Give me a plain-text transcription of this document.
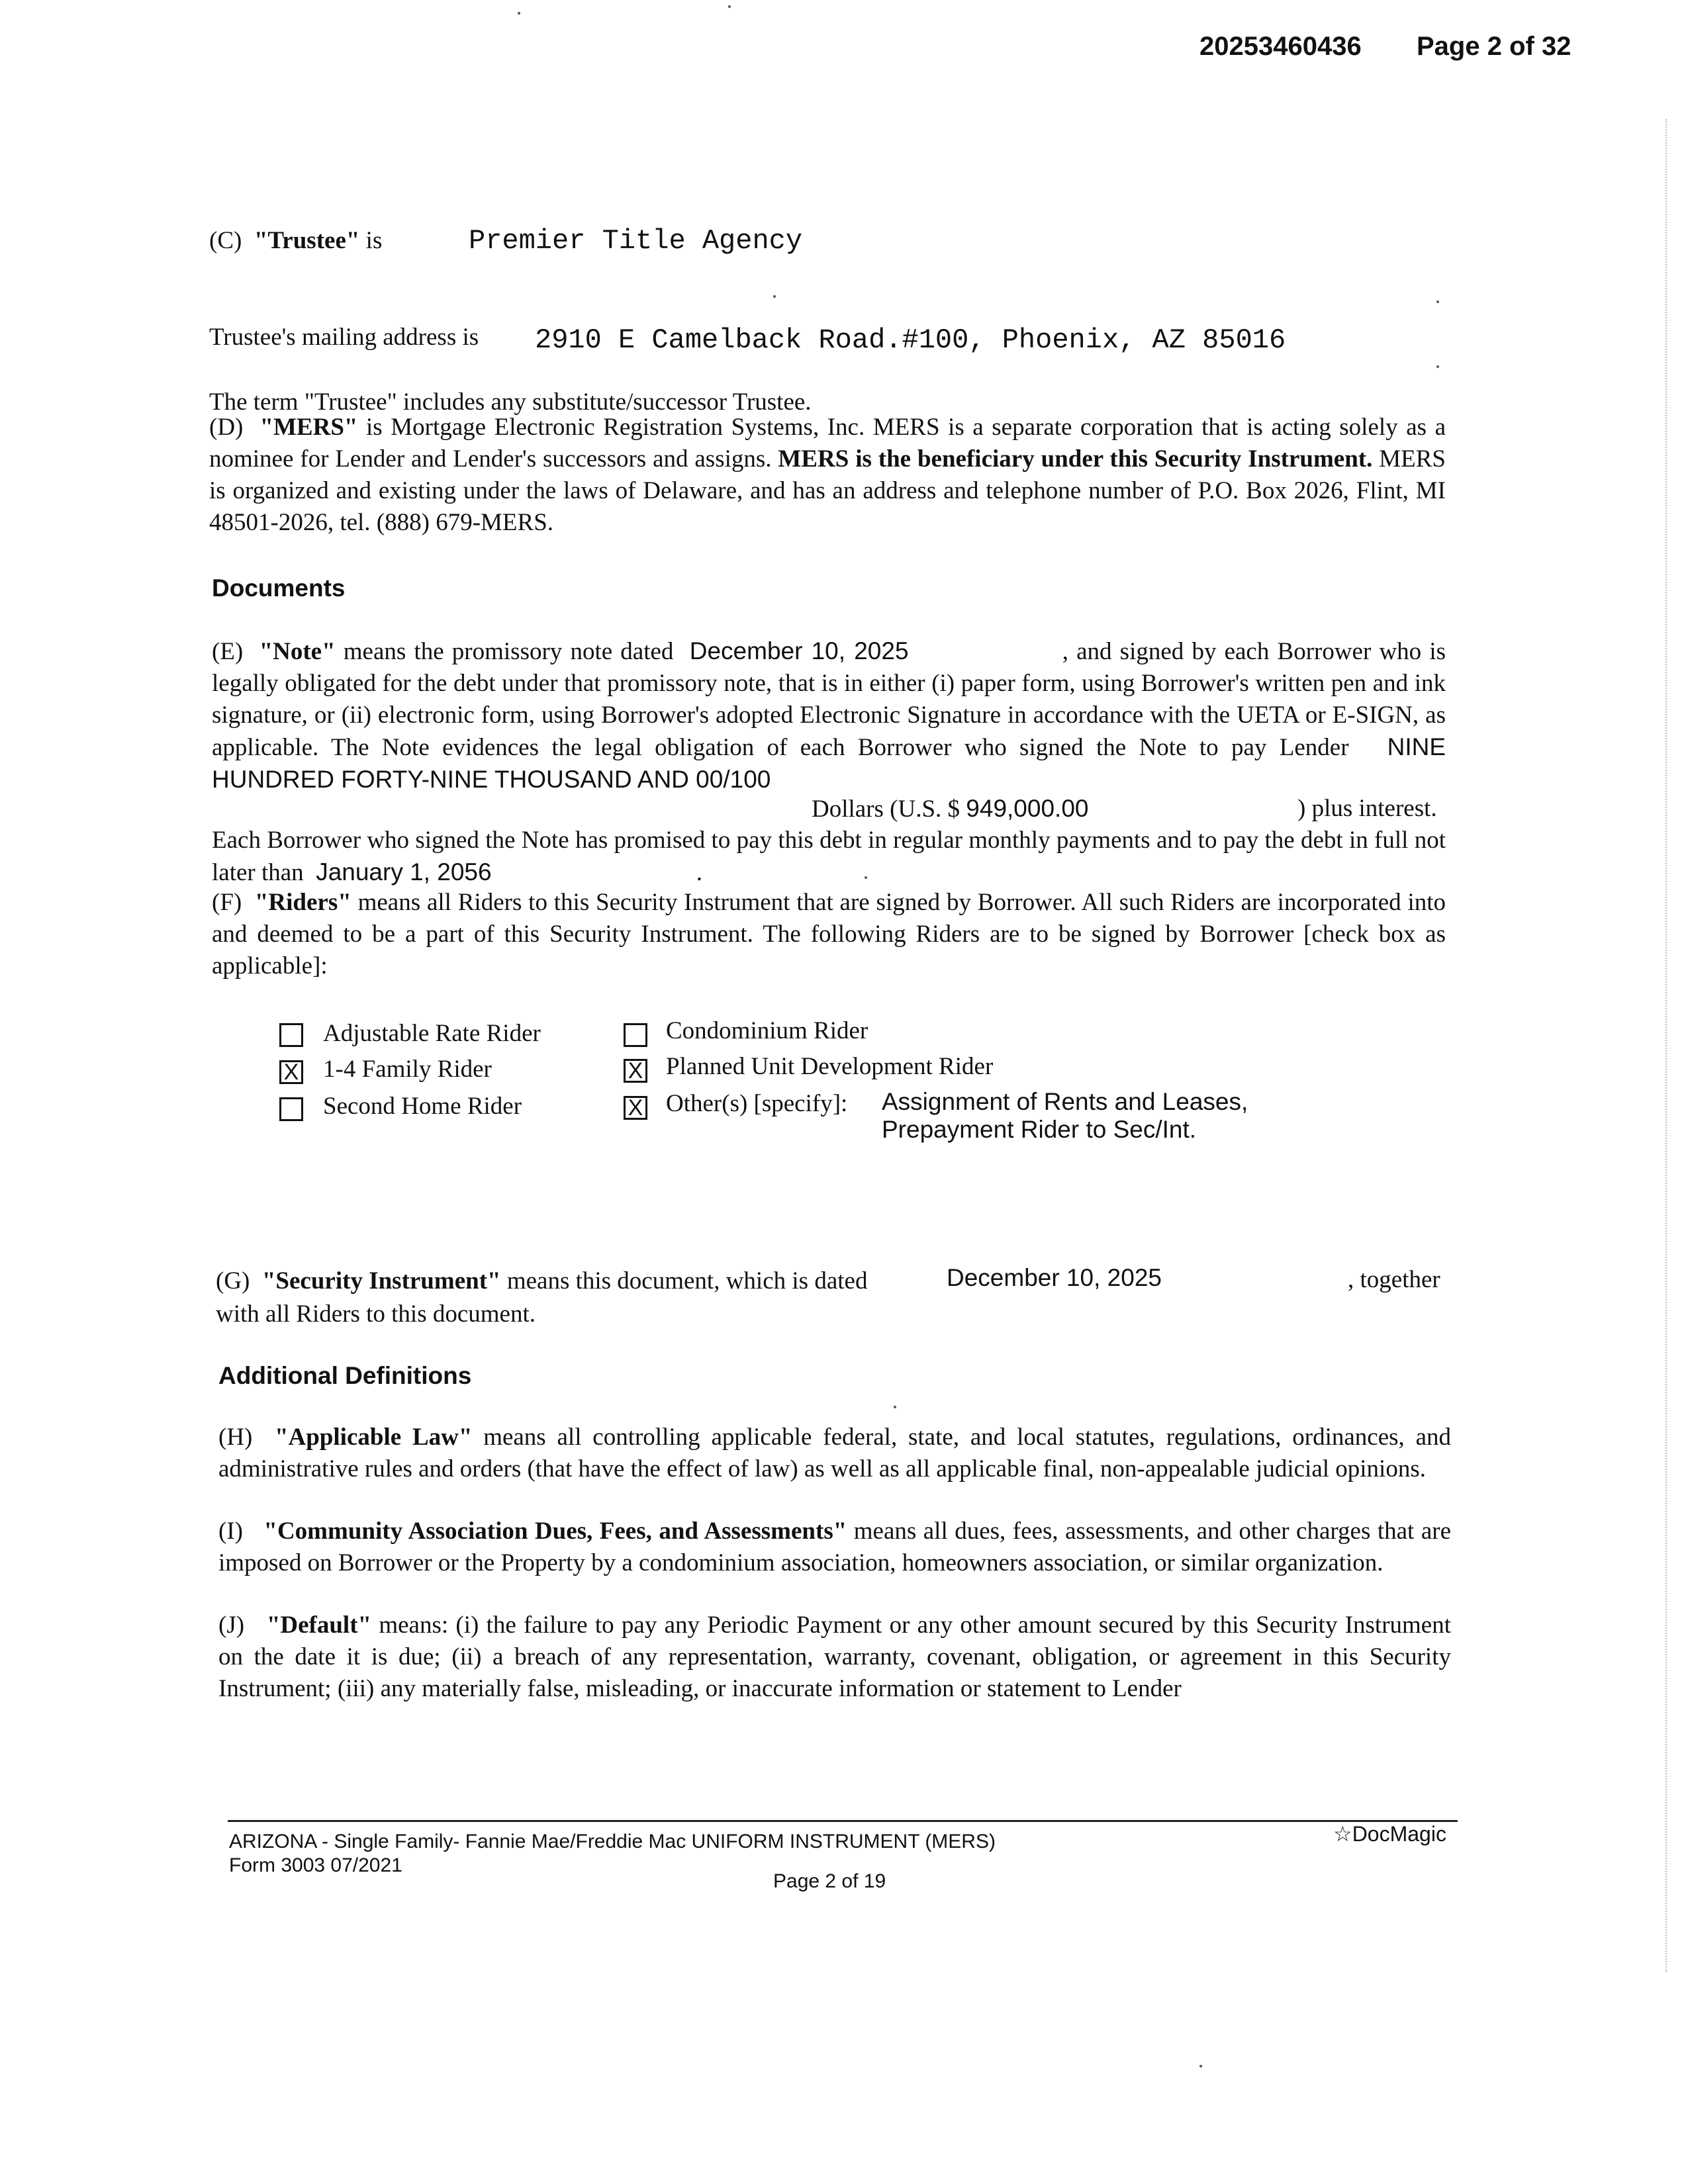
20253460436 Page 2 of 32
(C) "Trustee" is	Premier Title Agency
Trustee's mailing address is 2910 E Camelback Road.#100, Phoenix, AZ 85016
The term "Trustee" includes any substitute/successor Trustee.
(D) "MERS" is Mortgage Electronic Registration Systems, Inc. MERS is a separate corporation that is acting solely as a nominee for Lender and Lender's successors and assigns. MERS is the beneficiary under this Security Instrument. MERS is organized and existing under the laws of Delaware, and has an address and telephone number of P.O. Box 2026, Flint, MI 48501-2026, tel. (888) 679-MERS.
Documents
(E) "Note" means the promissory note dated December 10, 2025	, and signed by each Borrower who is legally obligated for the debt under that promissory note, that is in either (i) paper form, using Borrower's written pen and ink signature, or (ii) electronic form, using Borrower's adopted Electronic Signature in accordance with the UETA or E-SIGN, as applicable. The Note evidences the legal obligation of each Borrower who signed the Note to pay Lender NINE HUNDRED FORTY-NINE THOUSAND AND 00/100
Dollars (U.S. $ 949,000.00	) plus interest.
Each Borrower who signed the Note has promised to pay this debt in regular monthly payments and to pay the debt in full not later than January 1, 2056	.
(F) "Riders" means all Riders to this Security Instrument that are signed by Borrower. All such Riders are incorporated into and deemed to be a part of this Security Instrument. The following Riders are to be signed by Borrower [check box as applicable]:
Adjustable Rate Rider	Condominium Rider
X 1-4 Family Rider	X Planned Unit Development Rider
Second Home Rider	X Other(s) [specify]: Assignment of Rents and Leases,
Prepayment Rider to Sec/Int.
(G) "Security Instrument" means this document, which is dated	December 10, 2025	, together
with all Riders to this document.
Additional Definitions
(H) "Applicable Law" means all controlling applicable federal, state, and local statutes, regulations, ordinances, and administrative rules and orders (that have the effect of law) as well as all applicable final, non-appealable judicial opinions.
(I) "Community Association Dues, Fees, and Assessments" means all dues, fees, assessments, and other charges that are imposed on Borrower or the Property by a condominium association, homeowners association, or similar organization.
(J) "Default" means: (i) the failure to pay any Periodic Payment or any other amount secured by this Security Instrument on the date it is due; (ii) a breach of any representation, warranty, covenant, obligation, or agreement in this Security Instrument; (iii) any materially false, misleading, or inaccurate information or statement to Lender
ARIZONA - Single Family- Fannie Mae/Freddie Mac UNIFORM INSTRUMENT (MERS)
Form 3003 07/2021
Page 2 of 19
☆DocMagic
